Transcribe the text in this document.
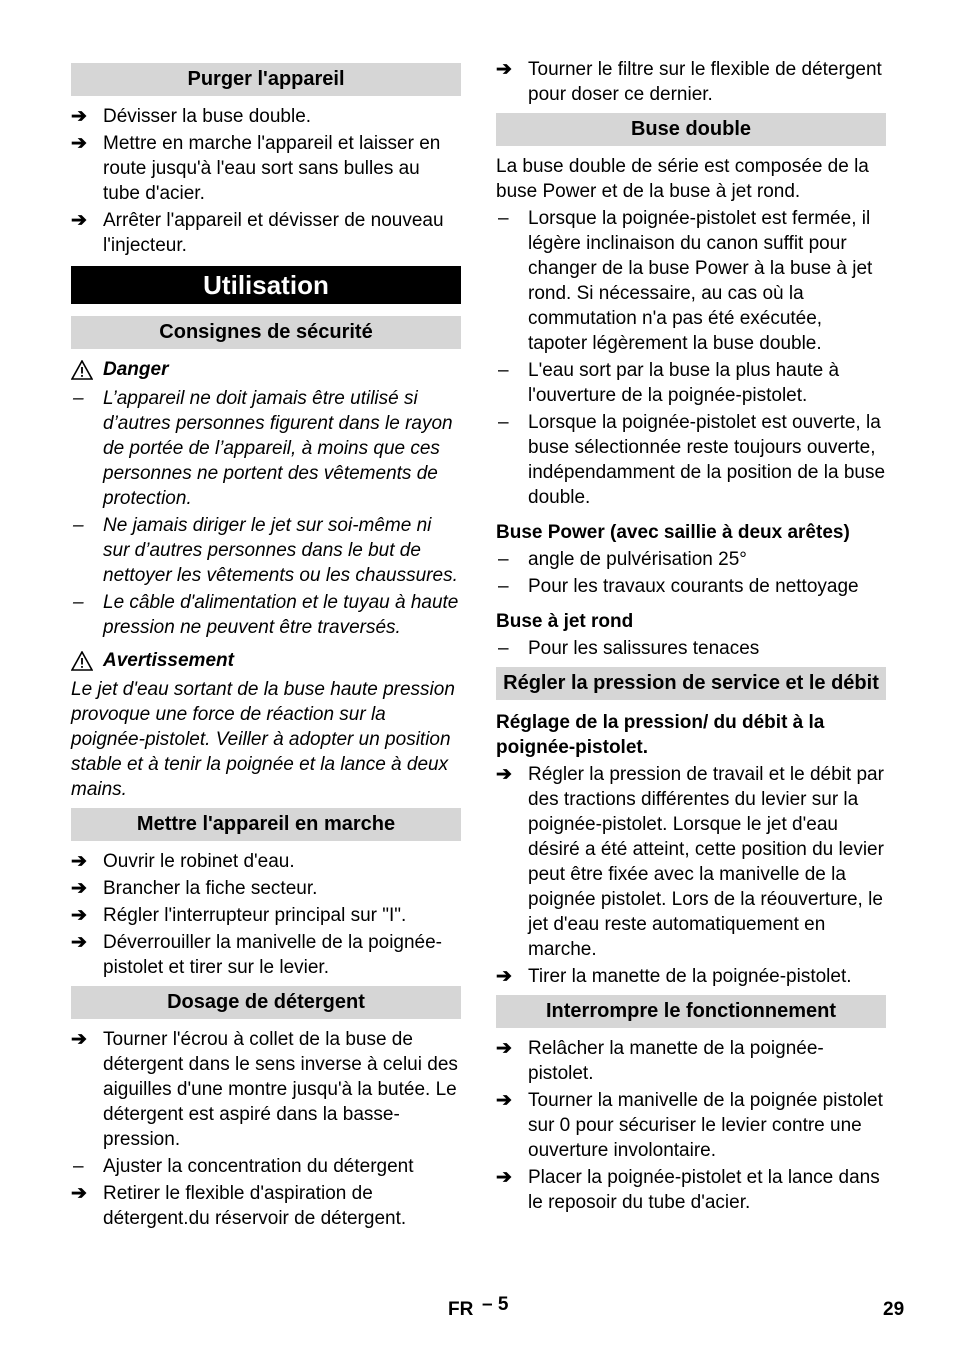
Purger l'appareil
➔ Dévisser la buse double.
➔ Mettre en marche l'appareil et laisser en route jusqu'à l'eau sort sans bulles au tube d'acier.
➔ Arrêter l'appareil et dévisser de nouveau l'injecteur.
Utilisation
Consignes de sécurité
Danger
–	L’appareil ne doit jamais être utilisé si d’autres personnes figurent dans le rayon de portée de l’appareil, à moins que ces personnes ne portent des vêtements de protection.
–	Ne jamais diriger le jet sur soi-même ni sur d’autres personnes dans le but de nettoyer les vêtements ou les chaussures.
–	Le câble d'alimentation et le tuyau à haute pression ne peuvent être traversés.
Avertissement
Le jet d'eau sortant de la buse haute pression provoque une force de réaction sur la poignée-pistolet. Veiller à adopter un position stable et à tenir la poignée et la lance à deux mains.
Mettre l'appareil en marche
➔ Ouvrir le robinet d'eau.
➔ Brancher la fiche secteur.
➔ Régler l'interrupteur principal sur "I".
➔ Déverrouiller la manivelle de la poignée-pistolet et tirer sur le levier.
Dosage de détergent
➔ Tourner l'écrou à collet de la buse de détergent dans le sens inverse à celui des aiguilles d'une montre jusqu'à la butée. Le détergent est aspiré dans la basse-pression.
–	Ajuster la concentration du détergent
➔ Retirer le flexible d'aspiration de détergent.du réservoir de détergent.
➔ Tourner le filtre sur le flexible de détergent pour doser ce dernier.
Buse double
La buse double de série est composée de la buse Power et de la buse à jet rond.
–	Lorsque la poignée-pistolet est fermée, il légère inclinaison du canon suffit pour changer de la buse Power à la buse à jet rond. Si nécessaire, au cas où la commutation n'a pas été exécutée, tapoter légèrement la buse double.
–	L'eau sort par la buse la plus haute à l'ouverture de la poignée-pistolet.
–	Lorsque la poignée-pistolet est ouverte, la buse sélectionnée reste toujours ouverte, indépendamment de la position de la buse double.
Buse Power (avec saillie à deux arêtes)
–	angle de pulvérisation 25°
–	Pour les travaux courants de nettoyage
Buse à jet rond
–	Pour les salissures tenaces
Régler la pression de service et le débit
Réglage de la pression/ du débit à la poignée-pistolet.
➔ Régler la pression de travail et le débit par des tractions différentes du levier sur la poignée-pistolet. Lorsque le jet d'eau désiré a été atteint, cette position du levier peut être fixée avec la manivelle de la poignée pistolet. Lors de la réouverture, le jet d'eau reste automatiquement en marche.
➔ Tirer la manette de la poignée-pistolet.
Interrompre le fonctionnement
➔ Relâcher la manette de la poignée-pistolet.
➔ Tourner la manivelle de la poignée pistolet sur 0 pour sécuriser le levier contre une ouverture involontaire.
➔ Placer la poignée-pistolet et la lance dans le reposoir du tube d'acier.
FR – 5	29
